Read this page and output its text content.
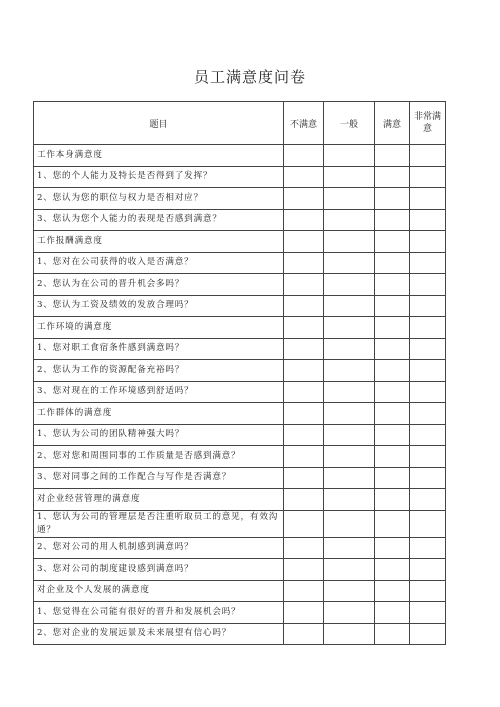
员工满意度问卷
题目	不满意	一般	满意	非常满意
工作本身满意度				
1、您的个人能力及特长是否得到了发挥？				
2、您认为您的职位与权力是否相对应？				
3、您认为您个人能力的表现是否感到满意？				
工作报酬满意度				
1、您对在公司获得的收入是否满意？				
2、您认为在公司的晋升机会多吗？				
3、您认为工资及绩效的发放合理吗？				
工作环境的满意度				
1、您对职工食宿条件感到满意吗？				
2、您认为工作的资源配备充裕吗？				
3、您对现在的工作环境感到舒适吗？				
工作群体的满意度				
1、您认为公司的团队精神强大吗？				
2、您对您和周围同事的工作质量是否感到满意？				
3、您对同事之间的工作配合与写作是否满意？				
对企业经营管理的满意度				
1、您认为公司的管理层是否注重听取员工的意见，有效沟通？				
2、您对公司的用人机制感到满意吗？				
3、您对公司的制度建设感到满意吗？				
对企业及个人发展的满意度				
1、您觉得在公司能有很好的晋升和发展机会吗？				
2、您对企业的发展远景及未来展望有信心吗？				
